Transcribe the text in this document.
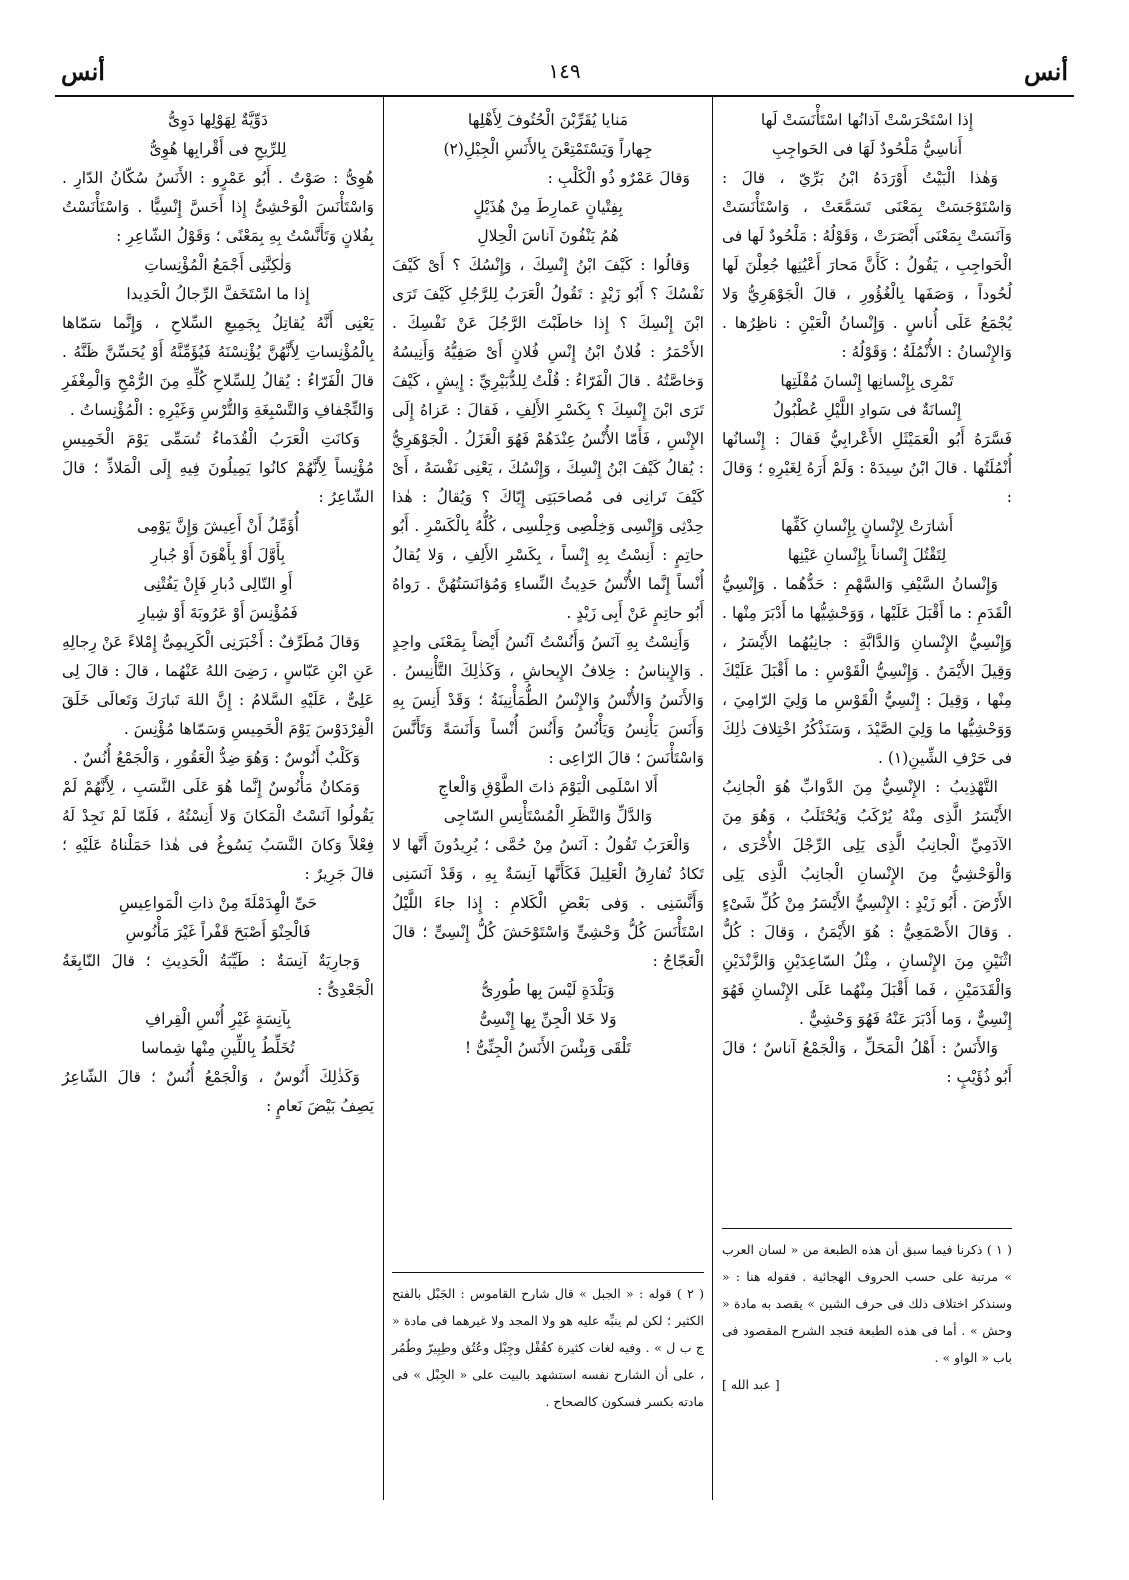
أنس
١٤٩
أنس

إِذا اسْتَحْرَسْتْ آذانُها اسْتَأْنَسَتْ لَها

أَناسِيُّ مَلْحُودٌ لَهَا فى الحَواجِبِ

وَهٰذا الْبَيْتُ أَوْرَدَهُ ابْنُ بَرِّيّ ، قالَ : وَاسْتَوْجَسَتْ بِمَعْنَى تَسَمَّعَتْ ، وَاسْتَأْنَسَتْ وَآنَسَتْ بِمَعْنَى أَبْصَرَتْ ، وَقَوْلُهُ : مَلْحُودٌ لَها فى الْحَواجِبِ ، يَقُولُ : كَأَنَّ مَحارَ أَعْيُنِها جُعِلْنَ لَها لُحُوداً ، وَصَفَها بِالْغُؤُورِ ، قالَ الْجَوْهَرِيُّ وَلا يُجْمَعُ عَلَى أُناسٍ . وَإِنْسانُ الْعَيْنِ : ناظِرُها . وَالإِنْسانُ : الأُنْمُلَةُ ؛ وَقَوْلُهُ :

تَمْرِى بِإِنْسانِها إِنْسانَ مُقْلَتِها

إِنْسانَةٌ فى سَوادِ اللَّيْلِ عُطْبُولُ

فَسَّرَهُ أَبُو الْعَمَيْثَلِ الأَعْرابِيُّ فَقالَ : إِنْسانُها أُنْمُلَتُها . قالَ ابْنُ سِيدَهْ : وَلَمْ أَرَهُ لِغَيْرِهِ ؛ وَقالَ :

أَشارَتْ لِإِنْسانٍ بِإِنْسانِ كَفِّها

لِتَقْتُلَ إِنْساناً بِإِنْسانِ عَيْنِها

وَإِنْسانُ السَّيْفِ وَالسَّهْمِ : حَدُّهُما . وَإِنْسِيُّ الْقَدَمِ : ما أَقْبَلَ عَلَيْها ، وَوَحْشِيُّها ما أَدْبَرَ مِنْها . وَإِنْسِيُّ الإِنْسانِ وَالدَّابَّةِ : جانِبُهُما الأَيْسَرُ ، وَقِيلَ الأَيْمَنُ . وَإِنْسِيُّ الْقَوْسِ : ما أَقْبَلَ عَلَيْكَ مِنْها ، وَقِيلَ : إِنْسِيُّ الْقَوْسِ ما وَلِيَ الرّامِيَ ، وَوَحْشِيُّها ما وَلِيَ الصَّيْدَ ، وَسَنَذْكُرُ اخْتِلافَ ذٰلِكَ فى حَرْفِ الشِّينِ(١) .

التَّهْذِيبُ : الإِنْسِيُّ مِنَ الدَّوابِّ هُوَ الْجانِبُ الأَيْسَرُ الَّذِى مِنْهُ يُرْكَبُ وَيُحْتَلَبُ ، وَهُوَ مِنَ الآدَمِيِّ الْجانِبُ الَّذِى يَلِى الرِّجْلَ الأُخْرَى ، وَالْوَحْشِيُّ مِنَ الإِنْسانِ الْجانِبُ الَّذِى يَلِى الأَرْضَ . أَبُو زَيْدٍ : الإِنْسِيُّ الأَيْسَرُ مِنْ كُلِّ شَىْءٍ . وَقالَ الأَصْمَعِيُّ : هُوَ الأَيْمَنُ ، وَقالَ : كُلُّ اثْنَيْنِ مِنَ الإِنْسانِ ، مِثْلُ السّاعِدَيْنِ وَالزَّنْدَيْنِ وَالْقَدَمَيْنِ ، فَما أَقْبَلَ مِنْهُما عَلَى الإِنْسانِ فَهُوَ إِنْسِيٌّ ، وَما أَدْبَرَ عَنْهُ فَهُوَ وَحْشِيٌّ .

وَالأَنَسُ : أَهْلُ الْمَحَلِّ ، وَالْجَمْعُ آناسٌ ؛ قالَ أَبُو ذُؤَيْبٍ :

( ١ ) ذكرنا فيما سبق أن هذه الطبعة من « لسان العرب » مرتبة على حسب الحروف الهجائية . فقوله هنا : « وسنذكر اختلاف ذلك فى حرف الشين » يقصد به مادة « وحش » . أما فى هذه الطبعة فتجد الشرح المقصود فى باب « الواو » .

[ عبد الله ]

مَنايا يُقَرِّبْنَ الْحُتُوفَ لِأَهْلِها

جِهاراً وَيَسْتَمْتِعْنَ بِالأَنَسِ الْجِبْلِ(٢)

وَقالَ عَمْرٌو ذُو الْكَلْبِ :

بِفِتْيانٍ عَمارِطَ مِنْ هُذَيْلٍ

هُمُ يَنْفُونَ آناسَ الْحِلالِ

وَقالُوا : كَيْفَ ابْنُ إِنْسِكَ ، وَإِنْسُكَ ؟ أَىْ كَيْفَ نَفْسُكَ ؟ أَبُو زَيْدٍ : تَقُولُ الْعَرَبُ لِلرَّجُلِ كَيْفَ تَرَى ابْنَ إِنْسِكَ ؟ إِذا خاطَبْتَ الرَّجُلَ عَنْ نَفْسِكَ . الأَحْمَرُ : فُلانٌ ابْنُ إِنْسِ فُلانٍ أَىْ صَفِيُّهُ وَأَنِيسُهُ وَخاصَّتُهُ . قالَ الْفَرّاءُ : قُلْتُ لِلدُّبَيْرِيِّ : إِيشٍ ، كَيْفَ تَرَى ابْنَ إِنْسِكَ ؟ بِكَسْرِ الأَلِفِ ، فَقالَ : عَزاهُ إِلَى الإِنْسِ ، فَأَمّا الأُنْسُ عِنْدَهُمْ فَهُوَ الْغَزَلُ . الْجَوْهَرِيُّ : يُقالُ كَيْفَ ابْنُ إِنْسِكَ ، وَإِنْسُكَ ، يَعْنِى نَفْسَهُ ، أَىْ كَيْفَ تَرانِى فى مُصاحَبَتِى إِيّاكَ ؟ وَيُقالُ : هٰذا حِدْثِى وَإِنْسِى وَخِلْصِى وَجِلْسِى ، كُلُّهُ بِالْكَسْرِ . أَبُو حاتِمٍ : أَنِسْتُ بِهِ إِنْساً ، بِكَسْرِ الأَلِفِ ، وَلا يُقالُ أُنْساً إِنَّما الأُنْسُ حَدِيثُ النِّساءِ وَمُؤانَسَتُهُنَّ . رَواهُ أَبُو حاتِمٍ عَنْ أَبِى زَيْدٍ .

وَأَنِسْتُ بِهِ آنَسُ وَأَنُسْتُ آنُسُ أَيْضاً بِمَعْنَى واحِدٍ . وَالإِيناسُ : خِلافُ الإِيحاشِ ، وَكَذٰلِكَ التَّأْنِيسُ . وَالأَنَسُ وَالأُنْسُ وَالإِنْسُ الطُّمَأْنِينَةُ ؛ وَقَدْ أَنِسَ بِهِ وَأَنَسَ يَأْنِسُ وَيَأْنُسُ وَأَنُسَ أُنْساً وَأَنَسَةً وَتَأَنَّسَ وَاسْتَأْنَسَ ؛ قالَ الرّاعِى :

أَلا اسْلَمِى الْيَوْمَ ذاتَ الطَّوْقِ وَالْعاجِ

وَالدَّلِّ وَالنَّظَرِ الْمُسْتَأْنِسِ السّاجِى

وَالْعَرَبُ تَقُولُ : آنَسُ مِنْ حُمَّى ؛ يُرِيدُونَ أَنَّها لا تَكادُ تُفارِقُ الْعَلِيلَ فَكَأَنَّها آنِسَةٌ بِهِ ، وَقَدْ آنَسَنِى وَأَنَّسَنِى . وَفى بَعْضِ الْكَلامِ : إِذا جاءَ اللَّيْلُ اسْتَأْنَسَ كُلُّ وَحْشِىٍّ وَاسْتَوْحَشَ كُلُّ إِنْسِىٍّ ؛ قالَ الْعَجّاجُ :

وَبَلْدَةٍ لَيْسَ بِها طُورِىُّ

وَلا خَلا الْجِنِّ بِها إِنْسِىُّ

تَلْقَى وَبِئْسَ الأَنَسُ الْجِنِّىُّ !

( ٢ ) قوله : « الجبل » قال شارح القاموس : الجَبْل بالفتح الكثير ؛ لكن لم ينبِّه عليه هو ولا المجد ولا غيرهما فى مادة « ج ب ل » . وفيه لغات كثيرة كقُفْل وجِبْل وعُتُق وطِبِيرّ وطُمُر ، على أن الشارح نفسه استشهد بالبيت على « الجِبْل » فى مادته بكسر فسكون كالصحاح .

دَوِّيَّةٌ لِهَوْلِها دَوِىُّ

لِلرِّيحِ فى أَقْرابِها هُوِىُّ

هُوِىُّ : صَوْتٌ . أَبُو عَمْرٍو : الأَنَسُ سُكّانُ الدّارِ . وَاسْتَأْنَسَ الْوَحْشِىُّ إِذا أَحَسَّ إِنْسِيًّا . وَاسْتَأْنَسْتُ بِفُلانٍ وَتَأَنَّسْتُ بِهِ بِمَعْنًى ؛ وَقَوْلُ الشّاعِرِ :

وَلٰكِنَّنِى أَجْمَعُ الْمُؤْنِساتِ

إِذا ما اسْتَخَفَّ الرِّجالُ الْحَدِيدا

يَعْنِى أَنَّهُ يُقاتِلُ بِجَمِيعِ السِّلاحِ ، وَإِنَّما سَمّاها بِالْمُؤْنِساتِ لِأَنَّهُنَّ يُؤْنِسْنَهُ فَيُؤَمِّنَّهُ أَوْ يُحَسِّنَّ ظَنَّهُ . قالَ الْفَرّاءُ : يُقالُ لِلسِّلاحِ كُلِّهِ مِنَ الرُّمْحِ وَالْمِغْفَرِ وَالتِّجْفافِ وَالتَّسْبِغَةِ وَالتُّرْسِ وَغَيْرِهِ : الْمُؤْنِساتُ .

وَكانَتِ الْعَرَبُ الْقُدَماءُ تُسَمِّى يَوْمَ الْخَمِيسِ مُؤْنِساً لِأَنَّهُمْ كانُوا يَمِيلُونَ فِيهِ إِلَى الْمَلاذِّ ؛ قالَ الشّاعِرُ :

أُؤَمِّلُ أَنْ أَعِيشَ وَإِنَّ يَوْمِى

بِأَوَّلَ أَوْ بِأَهْوَنَ أَوْ جُبارِ

أَوِ التّالِى دُبارِ فَإِنْ يَفُتْنِى

فَمُؤْنِسَ أَوْ عَرُوبَةَ أَوْ شِيارِ

وَقالَ مُطَرِّفٌ : أَخْبَرَنِى الْكَرِيمِىُّ إِمْلاءً عَنْ رِجالِهِ عَنِ ابْنِ عَبّاسٍ ، رَضِىَ اللهُ عَنْهُما ، قالَ : قالَ لِى عَلِىٌّ ، عَلَيْهِ السَّلامُ : إِنَّ اللهَ تَبارَكَ وَتَعالَى خَلَقَ الْفِرْدَوْسَ يَوْمَ الْخَمِيسِ وَسَمّاها مُؤْنِسَ .

وَكَلْبٌ أَنُوسٌ : وَهُوَ ضِدُّ الْعَقُورِ ، وَالْجَمْعُ أُنُسٌ .

وَمَكانٌ مَأْنُوسٌ إِنَّما هُوَ عَلَى النَّسَبِ ، لِأَنَّهُمْ لَمْ يَقُولُوا آنَسْتُ الْمَكانَ وَلا أَنِسْتُهُ ، فَلَمّا لَمْ نَجِدْ لَهُ فِعْلاً وَكانَ النَّسَبُ يَسُوغُ فى هٰذا حَمَلْناهُ عَلَيْهِ ؛ قالَ جَرِيرٌ :

حَىِّ الْهِدَمْلَةَ مِنْ ذاتِ الْمَواعِيسِ

فَالْحِنْوَ أَصْبَحَ قَفْراً غَيْرَ مَأْنُوسِ

وَجارِيَةٌ آنِسَةٌ : طَيِّبَةُ الْحَدِيثِ ؛ قالَ النّابِغَةُ الْجَعْدِىُّ :

بِآنِسَةٍ غَيْرِ أُنْسِ الْقِرافِ

تُخَلِّطُ بِاللِّينِ مِنْها شِماسا

وَكَذٰلِكَ أَنُوسٌ ، وَالْجَمْعُ أُنُسٌ ؛ قالَ الشّاعِرُ يَصِفُ بَيْضَ نَعامٍ :
